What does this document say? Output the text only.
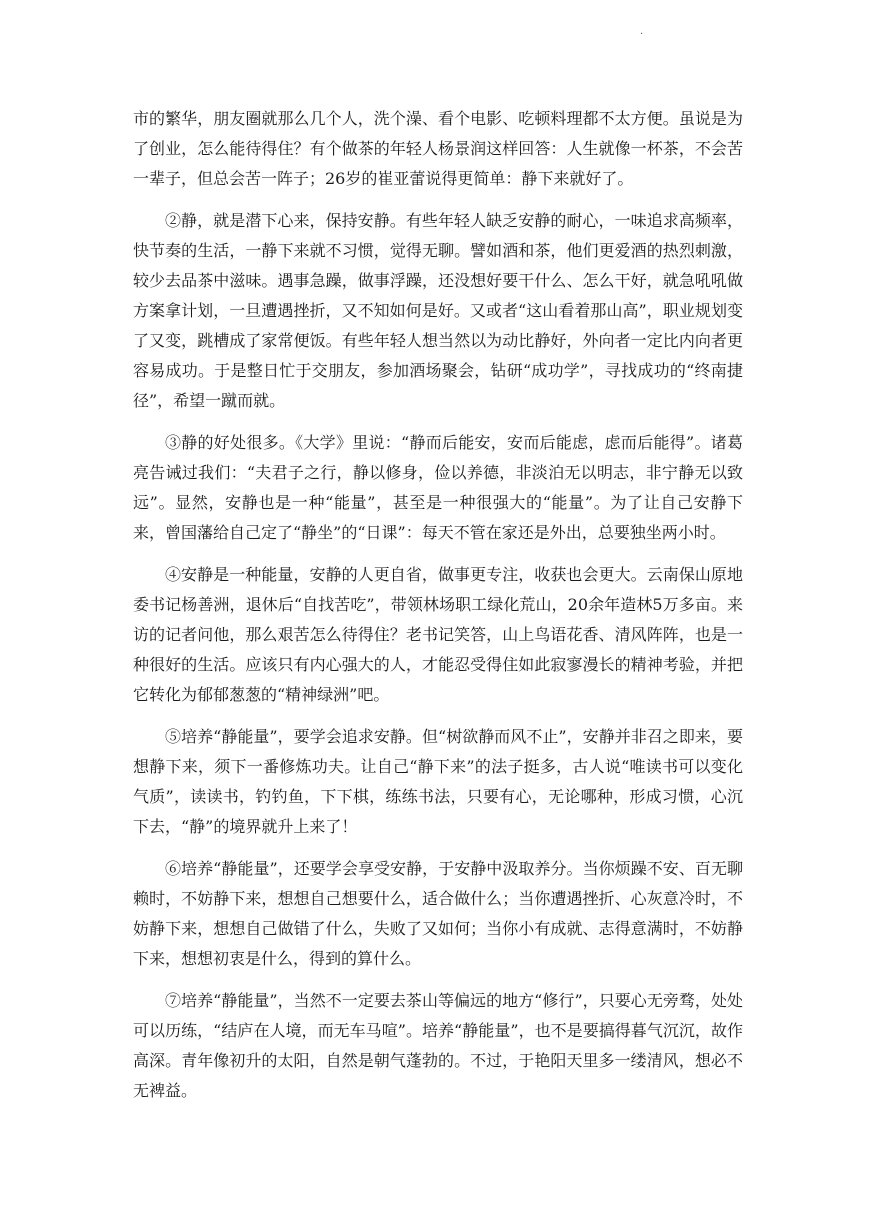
.

市的繁华，朋友圈就那么几个人，洗个澡、看个电影、吃顿料理都不太方便。虽说是为了创业，怎么能待得住？有个做茶的年轻人杨景润这样回答：人生就像一杯茶，不会苦一辈子，但总会苦一阵子；26岁的崔亚蕾说得更简单：静下来就好了。

②静，就是潜下心来，保持安静。有些年轻人缺乏安静的耐心，一味追求高频率，快节奏的生活，一静下来就不习惯，觉得无聊。譬如酒和茶，他们更爱酒的热烈刺激，较少去品茶中滋味。遇事急躁，做事浮躁，还没想好要干什么、怎么干好，就急吼吼做方案拿计划，一旦遭遇挫折，又不知如何是好。又或者“这山看着那山高”，职业规划变了又变，跳槽成了家常便饭。有些年轻人想当然以为动比静好，外向者一定比内向者更容易成功。于是整日忙于交朋友，参加酒场聚会，钻研“成功学”，寻找成功的“终南捷径”，希望一蹴而就。

③静的好处很多。《大学》里说：“静而后能安，安而后能虑，虑而后能得”。诸葛亮告诫过我们：“夫君子之行，静以修身，俭以养德，非淡泊无以明志，非宁静无以致远”。显然，安静也是一种“能量”，甚至是一种很强大的“能量”。为了让自己安静下来，曾国藩给自己定了“静坐”的“日课”：每天不管在家还是外出，总要独坐两小时。

④安静是一种能量，安静的人更自省，做事更专注，收获也会更大。云南保山原地委书记杨善洲，退休后“自找苦吃”，带领林场职工绿化荒山，20余年造林5万多亩。来访的记者问他，那么艰苦怎么待得住？老书记笑答，山上鸟语花香、清风阵阵，也是一种很好的生活。应该只有内心强大的人，才能忍受得住如此寂寥漫长的精神考验，并把它转化为郁郁葱葱的“精神绿洲”吧。

⑤培养“静能量”，要学会追求安静。但“树欲静而风不止”，安静并非召之即来，要想静下来，须下一番修炼功夫。让自己“静下来”的法子挺多，古人说“唯读书可以变化气质”，读读书，钓钓鱼，下下棋，练练书法，只要有心，无论哪种，形成习惯，心沉下去，“静”的境界就升上来了！

⑥培养“静能量”，还要学会享受安静，于安静中汲取养分。当你烦躁不安、百无聊赖时，不妨静下来，想想自己想要什么，适合做什么；当你遭遇挫折、心灰意冷时，不妨静下来，想想自己做错了什么，失败了又如何；当你小有成就、志得意满时，不妨静下来，想想初衷是什么，得到的算什么。

⑦培养“静能量”，当然不一定要去茶山等偏远的地方“修行”，只要心无旁骛，处处可以历练，“结庐在人境，而无车马喧”。培养“静能量”，也不是要搞得暮气沉沉，故作高深。青年像初升的太阳，自然是朝气蓬勃的。不过，于艳阳天里多一缕清风，想必不无裨益。
